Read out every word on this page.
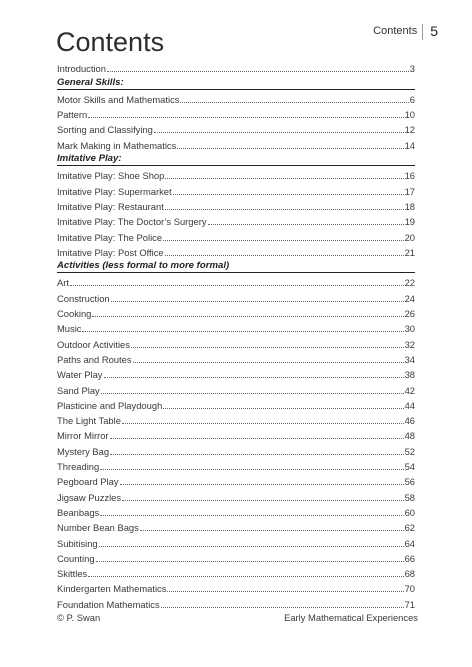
Contents 5
Contents
Introduction	3
General Skills:
Motor Skills and Mathematics	6
Pattern	10
Sorting and Classifying	12
Mark Making in Mathematics	14
Imitative Play:
Imitative Play: Shoe Shop	16
Imitative Play: Supermarket	17
Imitative Play: Restaurant	18
Imitative Play: The Doctor’s Surgery	19
Imitative Play: The Police	20
Imitative Play: Post Office	21
Activities (less formal to more formal)
Art	22
Construction	24
Cooking	26
Music	30
Outdoor Activities	32
Paths and Routes	34
Water Play	38
Sand Play	42
Plasticine and Playdough	44
The Light Table	46
Mirror Mirror	48
Mystery Bag	52
Threading	54
Pegboard Play	56
Jigsaw Puzzles	58
Beanbags	60
Number Bean Bags	62
Subitising	64
Counting	66
Skittles	68
Kindergarten Mathematics	70
Foundation Mathematics	71
© P. Swan	Early Mathematical Experiences
